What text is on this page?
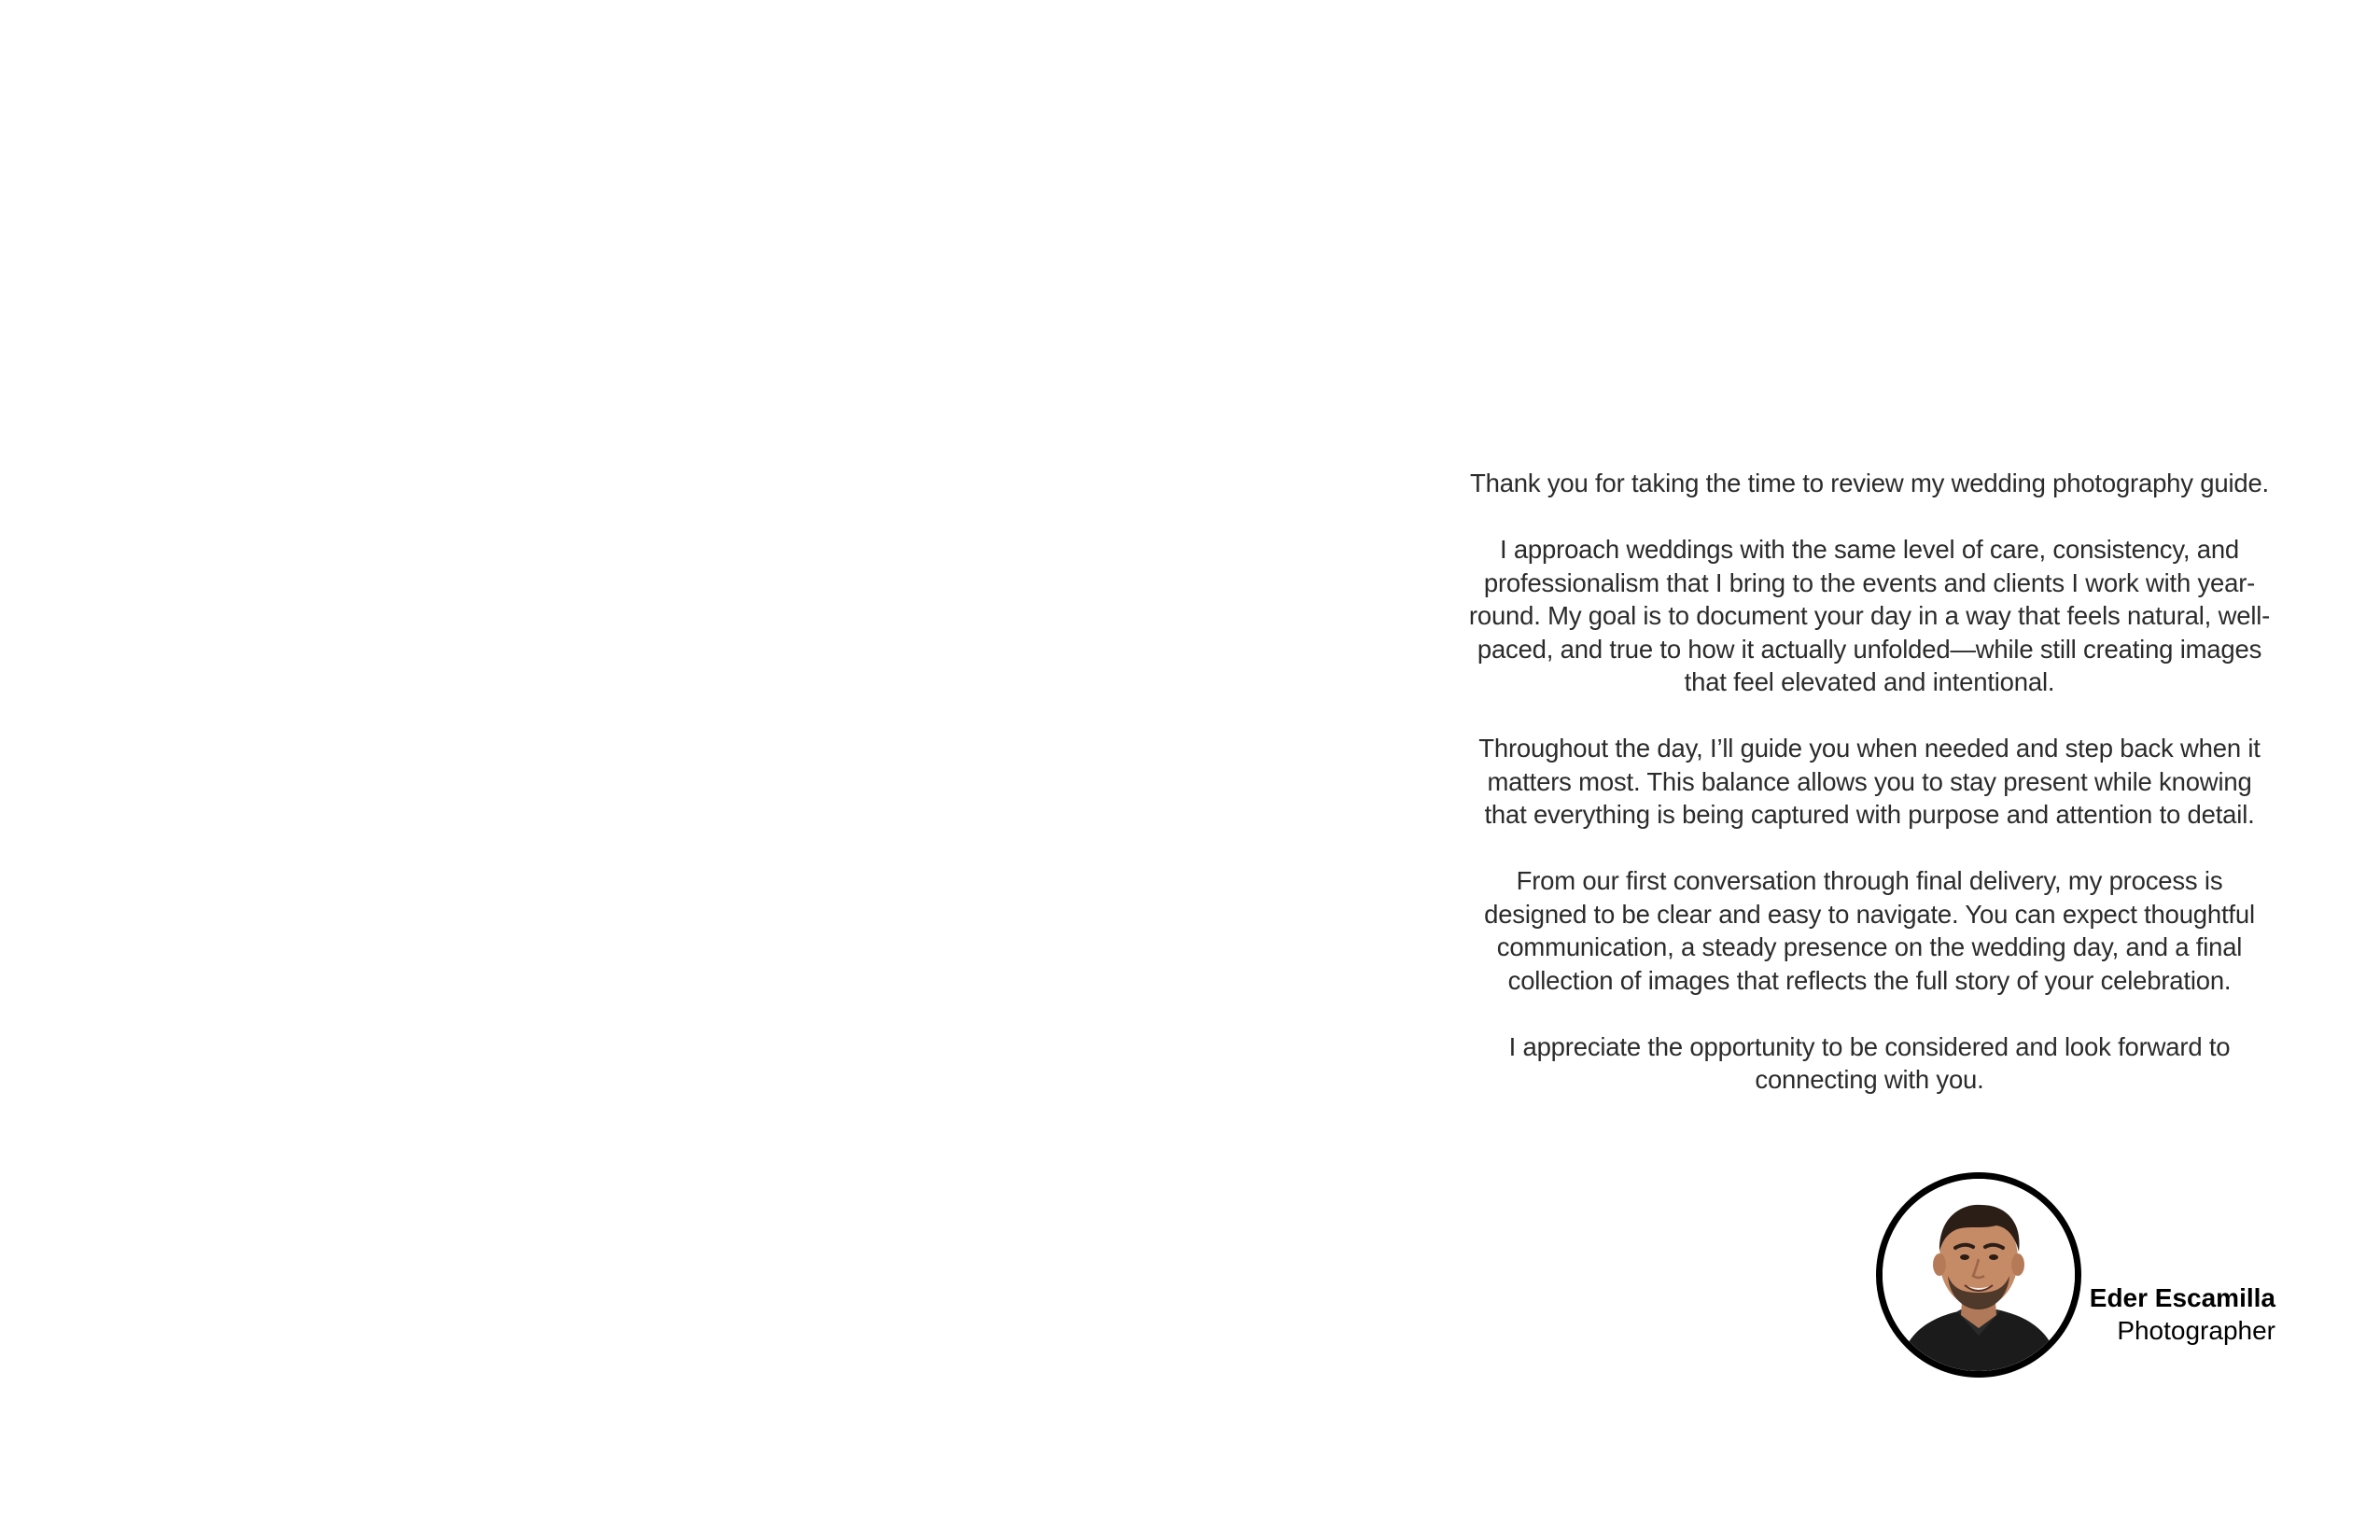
Thank you for taking the time to review my wedding photography guide.

I approach weddings with the same level of care, consistency, and professionalism that I bring to the events and clients I work with year-round. My goal is to document your day in a way that feels natural, well-paced, and true to how it actually unfolded—while still creating images that feel elevated and intentional.

Throughout the day, I’ll guide you when needed and step back when it matters most. This balance allows you to stay present while knowing that everything is being captured with purpose and attention to detail.

From our first conversation through final delivery, my process is designed to be clear and easy to navigate. You can expect thoughtful communication, a steady presence on the wedding day, and a final collection of images that reflects the full story of your celebration.

I appreciate the opportunity to be considered and look forward to connecting with you.

Eder Escamilla
Photographer
